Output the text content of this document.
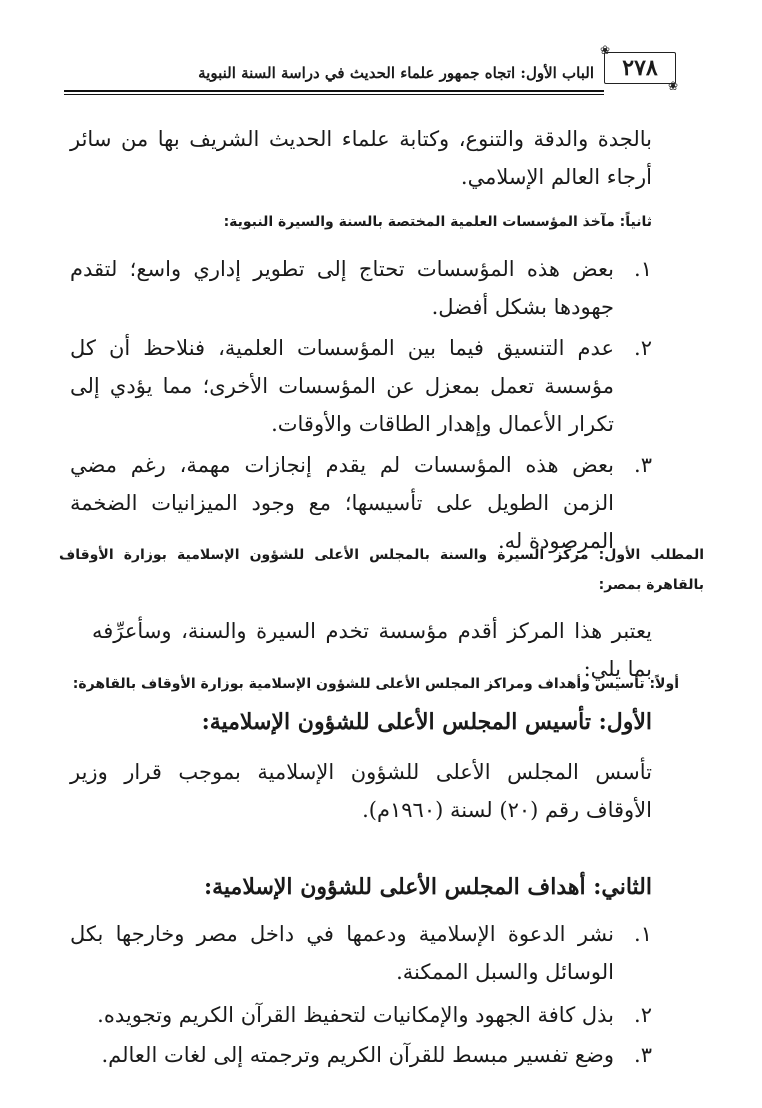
الباب الأول: اتجاه جمهور علماء الحديث في دراسة السنة النبوية
❀
٢٧٨
❀
بالجدة والدقة والتنوع، وكتابة علماء الحديث الشريف بها من سائر أرجاء العالم الإسلامي.
ثانياً: مآخذ المؤسسات العلمية المختصة بالسنة والسيرة النبوية:
١.
بعض هذه المؤسسات تحتاج إلى تطوير إداري واسع؛ لتقدم جهودها بشكل أفضل.
٢.
عدم التنسيق فيما بين المؤسسات العلمية، فنلاحظ أن كل مؤسسة تعمل بمعزل عن المؤسسات الأخرى؛ مما يؤدي إلى تكرار الأعمال وإهدار الطاقات والأوقات.
٣.
بعض هذه المؤسسات لم يقدم إنجازات مهمة، رغم مضي الزمن الطويل على تأسيسها؛ مع وجود الميزانيات الضخمة المرصودة له.
المطلب الأول: مركز السيرة والسنة بالمجلس الأعلى للشؤون الإسلامية بوزارة الأوقاف بالقاهرة بمصر:
يعتبر هذا المركز أقدم مؤسسة تخدم السيرة والسنة، وسأعرِّفه بما يلي:
أولاً: تأسيس وأهداف ومراكز المجلس الأعلى للشؤون الإسلامية بوزارة الأوقاف بالقاهرة:
الأول: تأسيس المجلس الأعلى للشؤون الإسلامية:
تأسس المجلس الأعلى للشؤون الإسلامية بموجب قرار وزير الأوقاف رقم (٢٠) لسنة (١٩٦٠م).
الثاني: أهداف المجلس الأعلى للشؤون الإسلامية:
١.
نشر الدعوة الإسلامية ودعمها في داخل مصر وخارجها بكل الوسائل والسبل الممكنة.
٢.
بذل كافة الجهود والإمكانيات لتحفيظ القرآن الكريم وتجويده.
٣.
وضع تفسير مبسط للقرآن الكريم وترجمته إلى لغات العالم.
